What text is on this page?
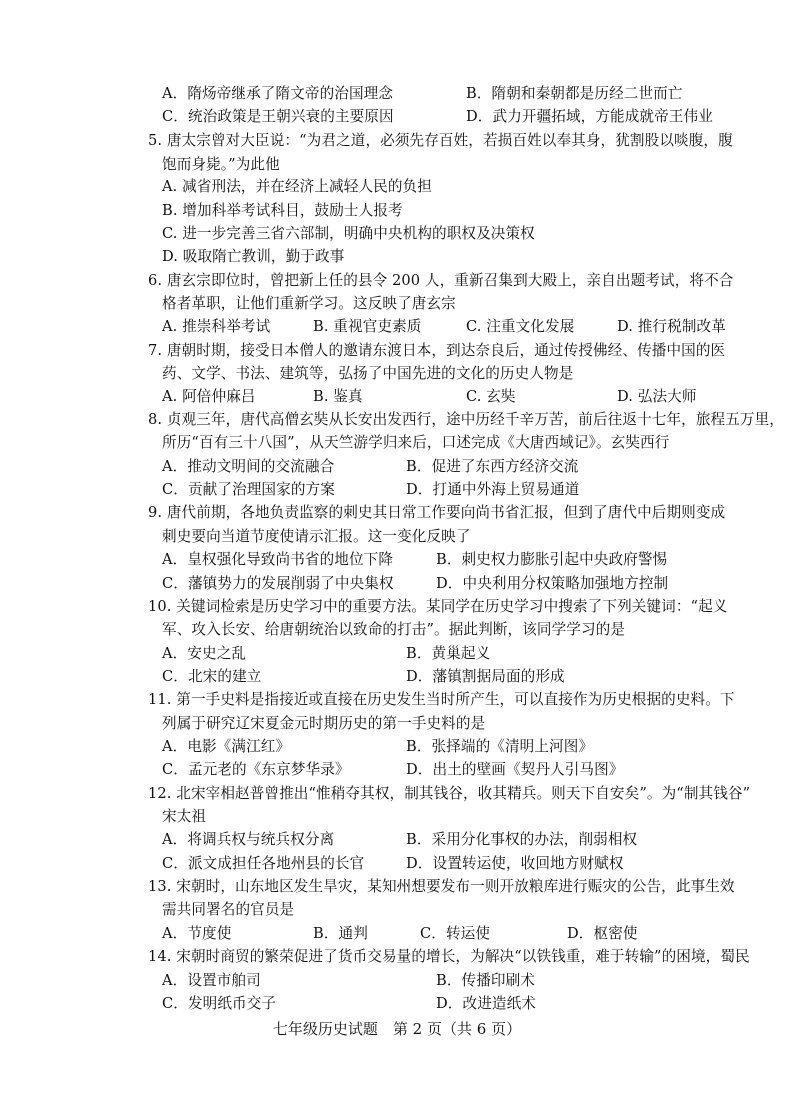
A．隋炀帝继承了隋文帝的治国理念	B．隋朝和秦朝都是历经二世而亡
C．统治政策是王朝兴衰的主要原因	D．武力开疆拓域，方能成就帝王伟业
5. 唐太宗曾对大臣说：“为君之道，必须先存百姓，若损百姓以奉其身，犹割股以啖腹，腹
饱而身毙。”为此他
A. 减省刑法，并在经济上减轻人民的负担
B. 增加科举考试科目，鼓励士人报考
C. 进一步完善三省六部制，明确中央机构的职权及决策权
D. 吸取隋亡教训，勤于政事
6. 唐玄宗即位时，曾把新上任的县令 200 人，重新召集到大殿上，亲自出题考试，将不合
格者革职，让他们重新学习。这反映了唐玄宗
A. 推崇科举考试	B. 重视官吏素质	C. 注重文化发展	D. 推行税制改革
7. 唐朝时期，接受日本僧人的邀请东渡日本，到达奈良后，通过传授佛经、传播中国的医
药、文学、书法、建筑等，弘扬了中国先进的文化的历史人物是
A. 阿倍仲麻吕	B. 鉴真	C. 玄奘	D. 弘法大师
8. 贞观三年，唐代高僧玄奘从长安出发西行，途中历经千辛万苦，前后往返十七年，旅程五万里，
所历“百有三十八国”，从天竺游学归来后，口述完成《大唐西域记》。玄奘西行
A．推动文明间的交流融合	B．促进了东西方经济交流
C．贡献了治理国家的方案	D．打通中外海上贸易通道
9. 唐代前期，各地负责监察的刺史其日常工作要向尚书省汇报，但到了唐代中后期则变成
刺史要向当道节度使请示汇报。这一变化反映了
A．皇权强化导致尚书省的地位下降	B．刺史权力膨胀引起中央政府警惕
C．藩镇势力的发展削弱了中央集权	D．中央利用分权策略加强地方控制
10. 关键词检索是历史学习中的重要方法。某同学在历史学习中搜索了下列关键词：“起义
军、攻入长安、给唐朝统治以致命的打击”。据此判断，该同学学习的是
A．安史之乱	B．黄巢起义
C．北宋的建立	D．藩镇割据局面的形成
11. 第一手史料是指接近或直接在历史发生当时所产生，可以直接作为历史根据的史料。下
列属于研究辽宋夏金元时期历史的第一手史料的是
A．电影《满江红》	B．张择端的《清明上河图》
C．孟元老的《东京梦华录》	D．出土的壁画《契丹人引马图》
12. 北宋宰相赵普曾推出“惟稍夺其权，制其钱谷，收其精兵。则天下自安矣”。为“制其钱谷”
宋太祖
A．将调兵权与统兵权分离	B．采用分化事权的办法，削弱相权
C．派文成担任各地州县的长官	D．设置转运使，收回地方财赋权
13. 宋朝时，山东地区发生旱灾，某知州想要发布一则开放粮库进行赈灾的公告，此事生效
需共同署名的官员是
A．节度使	B．通判	C．转运使	D．枢密使
14. 宋朝时商贸的繁荣促进了货币交易量的增长，为解决“以铁钱重，难于转输”的困境，蜀民
A．设置市舶司	B．传播印刷术
C．发明纸币交子	D．改进造纸术
七年级历史试题　第 2 页（共 6 页）
